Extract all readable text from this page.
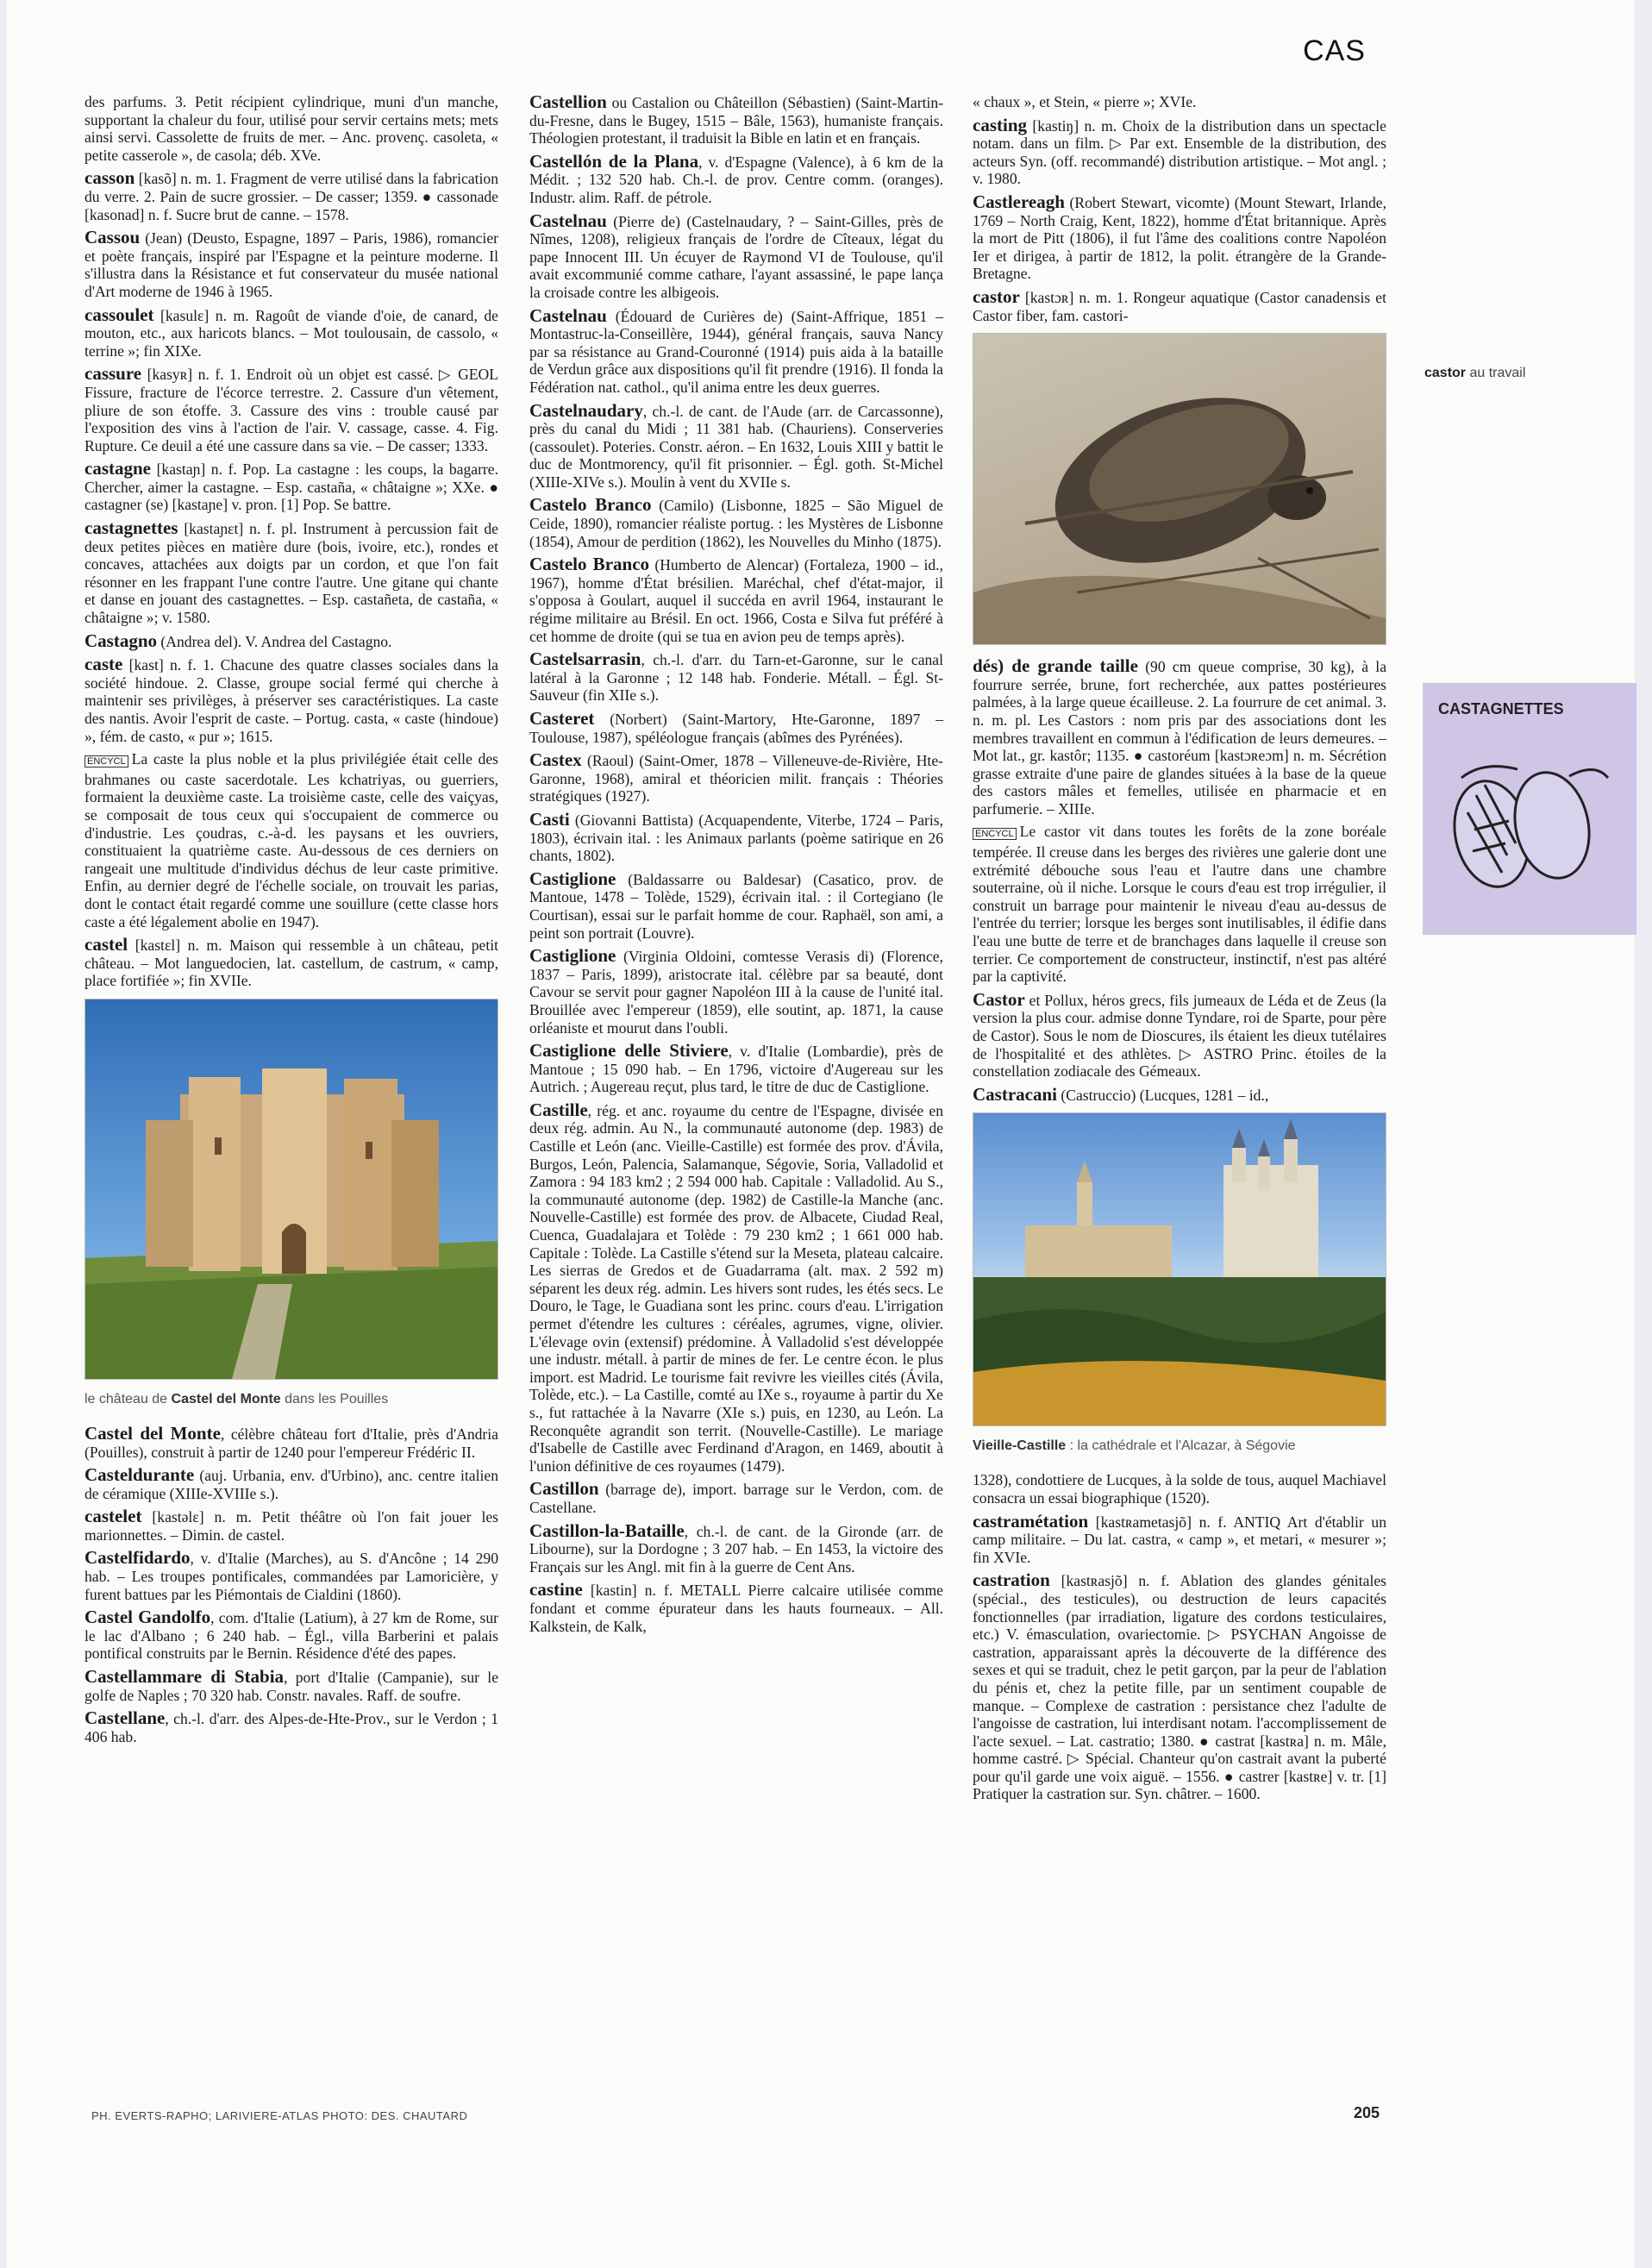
CAS

des parfums. 3. Petit récipient cylindrique, muni d'un manche, supportant la chaleur du four, utilisé pour servir certains mets; mets ainsi servi. Cassolette de fruits de mer. – Anc. provenç. casoleta, « petite casserole », de casola; déb. XVe.

casson [kasõ] n. m. 1. Fragment de verre utilisé dans la fabrication du verre. 2. Pain de sucre grossier. – De casser; 1359. ● cassonade [kasonad] n. f. Sucre brut de canne. – 1578.

Cassou (Jean) (Deusto, Espagne, 1897 – Paris, 1986), romancier et poète français, inspiré par l'Espagne et la peinture moderne. Il s'illustra dans la Résistance et fut conservateur du musée national d'Art moderne de 1946 à 1965.

cassoulet [kasulɛ] n. m. Ragoût de viande d'oie, de canard, de mouton, etc., aux haricots blancs. – Mot toulousain, de cassolo, « terrine »; fin XIXe.

cassure [kasyʀ] n. f. 1. Endroit où un objet est cassé. ▷ GEOL Fissure, fracture de l'écorce terrestre. 2. Cassure d'un vêtement, pliure de son étoffe. 3. Cassure des vins : trouble causé par l'exposition des vins à l'action de l'air. V. cassage, casse. 4. Fig. Rupture. Ce deuil a été une cassure dans sa vie. – De casser; 1333.

castagne [kastaɲ] n. f. Pop. La castagne : les coups, la bagarre. Chercher, aimer la castagne. – Esp. castaña, « châtaigne »; XXe. ● castagner (se) [kastaɲe] v. pron. [1] Pop. Se battre.

castagnettes [kastaɲɛt] n. f. pl. Instrument à percussion fait de deux petites pièces en matière dure (bois, ivoire, etc.), rondes et concaves, attachées aux doigts par un cordon, et que l'on fait résonner en les frappant l'une contre l'autre. Une gitane qui chante et danse en jouant des castagnettes. – Esp. castañeta, de castaña, « châtaigne »; v. 1580.

Castagno (Andrea del). V. Andrea del Castagno.

caste [kast] n. f. 1. Chacune des quatre classes sociales dans la société hindoue. 2. Classe, groupe social fermé qui cherche à maintenir ses privilèges, à préserver ses caractéristiques. La caste des nantis. Avoir l'esprit de caste. – Portug. casta, « caste (hindoue) », fém. de casto, « pur »; 1615.

ENCYCL La caste la plus noble et la plus privilégiée était celle des brahmanes ou caste sacerdotale. Les kchatriyas, ou guerriers, formaient la deuxième caste. La troisième caste, celle des vaiçyas, se composait de tous ceux qui s'occupaient de commerce ou d'industrie. Les çoudras, c.-à-d. les paysans et les ouvriers, constituaient la quatrième caste. Au-dessous de ces derniers on rangeait une multitude d'individus déchus de leur caste primitive. Enfin, au dernier degré de l'échelle sociale, on trouvait les parias, dont le contact était regardé comme une souillure (cette classe hors caste a été légalement abolie en 1947).

castel [kastɛl] n. m. Maison qui ressemble à un château, petit château. – Mot languedocien, lat. castellum, de castrum, « camp, place fortifiée »; fin XVIIe.

le château de Castel del Monte dans les Pouilles

Castel del Monte, célèbre château fort d'Italie, près d'Andria (Pouilles), construit à partir de 1240 pour l'empereur Frédéric II.

Casteldurante (auj. Urbania, env. d'Urbino), anc. centre italien de céramique (XIIIe-XVIIIe s.).

castelet [kastəlɛ] n. m. Petit théâtre où l'on fait jouer les marionnettes. – Dimin. de castel.

Castelfidardo, v. d'Italie (Marches), au S. d'Ancône ; 14 290 hab. – Les troupes pontificales, commandées par Lamoricière, y furent battues par les Piémontais de Cialdini (1860).

Castel Gandolfo, com. d'Italie (Latium), à 27 km de Rome, sur le lac d'Albano ; 6 240 hab. – Égl., villa Barberini et palais pontifical construits par le Bernin. Résidence d'été des papes.

Castellammare di Stabia, port d'Italie (Campanie), sur le golfe de Naples ; 70 320 hab. Constr. navales. Raff. de soufre.

Castellane, ch.-l. d'arr. des Alpes-de-Hte-Prov., sur le Verdon ; 1 406 hab.

Castellion ou Castalion ou Châteillon (Sébastien) (Saint-Martin-du-Fresne, dans le Bugey, 1515 – Bâle, 1563), humaniste français. Théologien protestant, il traduisit la Bible en latin et en français.

Castellón de la Plana, v. d'Espagne (Valence), à 6 km de la Médit. ; 132 520 hab. Ch.-l. de prov. Centre comm. (oranges). Industr. alim. Raff. de pétrole.

Castelnau (Pierre de) (Castelnaudary, ? – Saint-Gilles, près de Nîmes, 1208), religieux français de l'ordre de Cîteaux, légat du pape Innocent III. Un écuyer de Raymond VI de Toulouse, qu'il avait excommunié comme cathare, l'ayant assassiné, le pape lança la croisade contre les albigeois.

Castelnau (Édouard de Curières de) (Saint-Affrique, 1851 – Montastruc-la-Conseillère, 1944), général français, sauva Nancy par sa résistance au Grand-Couronné (1914) puis aida à la bataille de Verdun grâce aux dispositions qu'il fit prendre (1916). Il fonda la Fédération nat. cathol., qu'il anima entre les deux guerres.

Castelnaudary, ch.-l. de cant. de l'Aude (arr. de Carcassonne), près du canal du Midi ; 11 381 hab. (Chauriens). Conserveries (cassoulet). Poteries. Constr. aéron. – En 1632, Louis XIII y battit le duc de Montmorency, qu'il fit prisonnier. – Égl. goth. St-Michel (XIIIe-XIVe s.). Moulin à vent du XVIIe s.

Castelo Branco (Camilo) (Lisbonne, 1825 – São Miguel de Ceide, 1890), romancier réaliste portug. : les Mystères de Lisbonne (1854), Amour de perdition (1862), les Nouvelles du Minho (1875).

Castelo Branco (Humberto de Alencar) (Fortaleza, 1900 – id., 1967), homme d'État brésilien. Maréchal, chef d'état-major, il s'opposa à Goulart, auquel il succéda en avril 1964, instaurant le régime militaire au Brésil. En oct. 1966, Costa e Silva fut préféré à cet homme de droite (qui se tua en avion peu de temps après).

Castelsarrasin, ch.-l. d'arr. du Tarn-et-Garonne, sur le canal latéral à la Garonne ; 12 148 hab. Fonderie. Métall. – Égl. St-Sauveur (fin XIIe s.).

Casteret (Norbert) (Saint-Martory, Hte-Garonne, 1897 – Toulouse, 1987), spéléologue français (abîmes des Pyrénées).

Castex (Raoul) (Saint-Omer, 1878 – Villeneuve-de-Rivière, Hte-Garonne, 1968), amiral et théoricien milit. français : Théories stratégiques (1927).

Casti (Giovanni Battista) (Acquapendente, Viterbe, 1724 – Paris, 1803), écrivain ital. : les Animaux parlants (poème satirique en 26 chants, 1802).

Castiglione (Baldassarre ou Baldesar) (Casatico, prov. de Mantoue, 1478 – Tolède, 1529), écrivain ital. : il Cortegiano (le Courtisan), essai sur le parfait homme de cour. Raphaël, son ami, a peint son portrait (Louvre).

Castiglione (Virginia Oldoini, comtesse Verasis di) (Florence, 1837 – Paris, 1899), aristocrate ital. célèbre par sa beauté, dont Cavour se servit pour gagner Napoléon III à la cause de l'unité ital. Brouillée avec l'empereur (1859), elle soutint, ap. 1871, la cause orléaniste et mourut dans l'oubli.

Castiglione delle Stiviere, v. d'Italie (Lombardie), près de Mantoue ; 15 090 hab. – En 1796, victoire d'Augereau sur les Autrich. ; Augereau reçut, plus tard, le titre de duc de Castiglione.

Castille, rég. et anc. royaume du centre de l'Espagne, divisée en deux rég. admin. Au N., la communauté autonome (dep. 1983) de Castille et León (anc. Vieille-Castille) est formée des prov. d'Ávila, Burgos, León, Palencia, Salamanque, Ségovie, Soria, Valladolid et Zamora : 94 183 km2 ; 2 594 000 hab. Capitale : Valladolid. Au S., la communauté autonome (dep. 1982) de Castille-la Manche (anc. Nouvelle-Castille) est formée des prov. de Albacete, Ciudad Real, Cuenca, Guadalajara et Tolède : 79 230 km2 ; 1 661 000 hab. Capitale : Tolède. La Castille s'étend sur la Meseta, plateau calcaire. Les sierras de Gredos et de Guadarrama (alt. max. 2 592 m) séparent les deux rég. admin. Les hivers sont rudes, les étés secs. Le Douro, le Tage, le Guadiana sont les princ. cours d'eau. L'irrigation permet d'étendre les cultures : céréales, agrumes, vigne, olivier. L'élevage ovin (extensif) prédomine. À Valladolid s'est développée une industr. métall. à partir de mines de fer. Le centre écon. le plus import. est Madrid. Le tourisme fait revivre les vieilles cités (Ávila, Tolède, etc.). – La Castille, comté au IXe s., royaume à partir du Xe s., fut rattachée à la Navarre (XIe s.) puis, en 1230, au León. La Reconquête agrandit son territ. (Nouvelle-Castille). Le mariage d'Isabelle de Castille avec Ferdinand d'Aragon, en 1469, aboutit à l'union définitive de ces royaumes (1479).

Castillon (barrage de), import. barrage sur le Verdon, com. de Castellane.

Castillon-la-Bataille, ch.-l. de cant. de la Gironde (arr. de Libourne), sur la Dordogne ; 3 207 hab. – En 1453, la victoire des Français sur les Angl. mit fin à la guerre de Cent Ans.

castine [kastin] n. f. METALL Pierre calcaire utilisée comme fondant et comme épurateur dans les hauts fourneaux. – All. Kalkstein, de Kalk,

« chaux », et Stein, « pierre »; XVIe.

casting [kastiŋ] n. m. Choix de la distribution dans un spectacle notam. dans un film. ▷ Par ext. Ensemble de la distribution, des acteurs Syn. (off. recommandé) distribution artistique. – Mot angl. ; v. 1980.

Castlereagh (Robert Stewart, vicomte) (Mount Stewart, Irlande, 1769 – North Craig, Kent, 1822), homme d'État britannique. Après la mort de Pitt (1806), il fut l'âme des coalitions contre Napoléon Ier et dirigea, à partir de 1812, la polit. étrangère de la Grande-Bretagne.

castor [kastɔʀ] n. m. 1. Rongeur aquatique (Castor canadensis et Castor fiber, fam. castori-

dés) de grande taille (90 cm queue comprise, 30 kg), à la fourrure serrée, brune, fort recherchée, aux pattes postérieures palmées, à la large queue écailleuse. 2. La fourrure de cet animal. 3. n. m. pl. Les Castors : nom pris par des associations dont les membres travaillent en commun à l'édification de leurs demeures. – Mot lat., gr. kastôr; 1135. ● castoréum [kastɔʀeɔm] n. m. Sécrétion grasse extraite d'une paire de glandes situées à la base de la queue des castors mâles et femelles, utilisée en pharmacie et en parfumerie. – XIIIe.

ENCYCL Le castor vit dans toutes les forêts de la zone boréale tempérée. Il creuse dans les berges des rivières une galerie dont une extrémité débouche sous l'eau et l'autre dans une chambre souterraine, où il niche. Lorsque le cours d'eau est trop irrégulier, il construit un barrage pour maintenir le niveau d'eau au-dessus de l'entrée du terrier; lorsque les berges sont inutilisables, il édifie dans l'eau une butte de terre et de branchages dans laquelle il creuse son terrier. Ce comportement de constructeur, instinctif, n'est pas altéré par la captivité.

Castor et Pollux, héros grecs, fils jumeaux de Léda et de Zeus (la version la plus cour. admise donne Tyndare, roi de Sparte, pour père de Castor). Sous le nom de Dioscures, ils étaient les dieux tutélaires de l'hospitalité et des athlètes. ▷ ASTRO Princ. étoiles de la constellation zodiacale des Gémeaux.

Castracani (Castruccio) (Lucques, 1281 – id.,

Vieille-Castille : la cathédrale et l'Alcazar, à Ségovie

1328), condottiere de Lucques, à la solde de tous, auquel Machiavel consacra un essai biographique (1520).

castramétation [kastʀametasjõ] n. f. ANTIQ Art d'établir un camp militaire. – Du lat. castra, « camp », et metari, « mesurer »; fin XVIe.

castration [kastʀasjõ] n. f. Ablation des glandes génitales (spécial., des testicules), ou destruction de leurs capacités fonctionnelles (par irradiation, ligature des cordons testiculaires, etc.) V. émasculation, ovariectomie. ▷ PSYCHAN Angoisse de castration, apparaissant après la découverte de la différence des sexes et qui se traduit, chez le petit garçon, par la peur de l'ablation du pénis et, chez la petite fille, par un sentiment coupable de manque. – Complexe de castration : persistance chez l'adulte de l'angoisse de castration, lui interdisant notam. l'accomplissement de l'acte sexuel. – Lat. castratio; 1380. ● castrat [kastʀa] n. m. Mâle, homme castré. ▷ Spécial. Chanteur qu'on castrait avant la puberté pour qu'il garde une voix aiguë. – 1556. ● castrer [kastʀe] v. tr. [1] Pratiquer la castration sur. Syn. châtrer. – 1600.

castor au travail
CASTAGNETTES
PH. EVERTS-RAPHO; LARIVIERE-ATLAS PHOTO: DES. CHAUTARD	205
